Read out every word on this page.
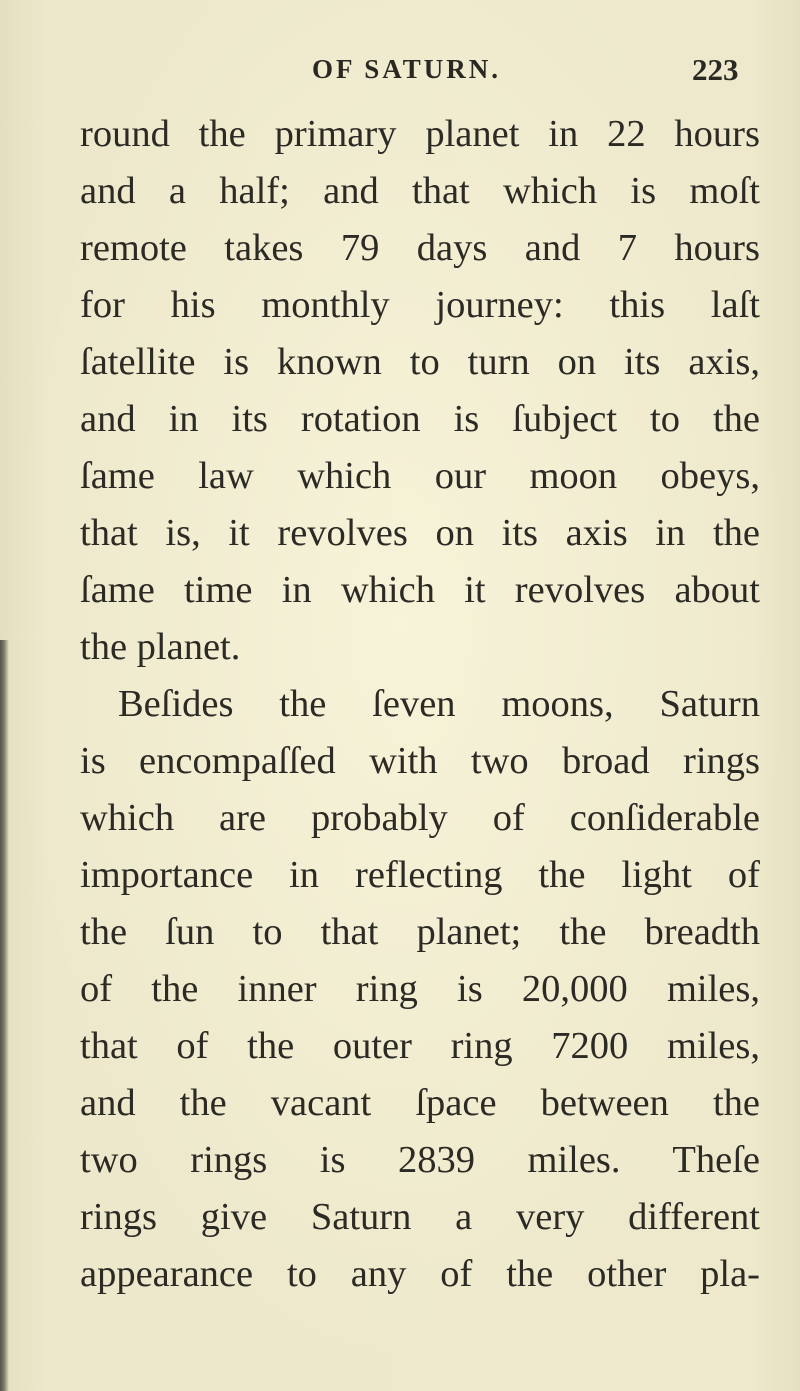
OF SATURN.	223
round the primary planet in 22 hours
and a half; and that which is moſt
remote takes 79 days and 7 hours
for his monthly journey: this laſt
ſatellite is known to turn on its axis,
and in its rotation is ſubject to the
ſame law which our moon obeys,
that is, it revolves on its axis in the
ſame time in which it revolves about
the planet.
Beſides the ſeven moons, Saturn
is encompaſſed with two broad rings
which are probably of conſiderable
importance in reflecting the light of
the ſun to that planet; the breadth
of the inner ring is 20,000 miles,
that of the outer ring 7200 miles,
and the vacant ſpace between the
two rings is 2839 miles. Theſe
rings give Saturn a very different
appearance to any of the other pla-
